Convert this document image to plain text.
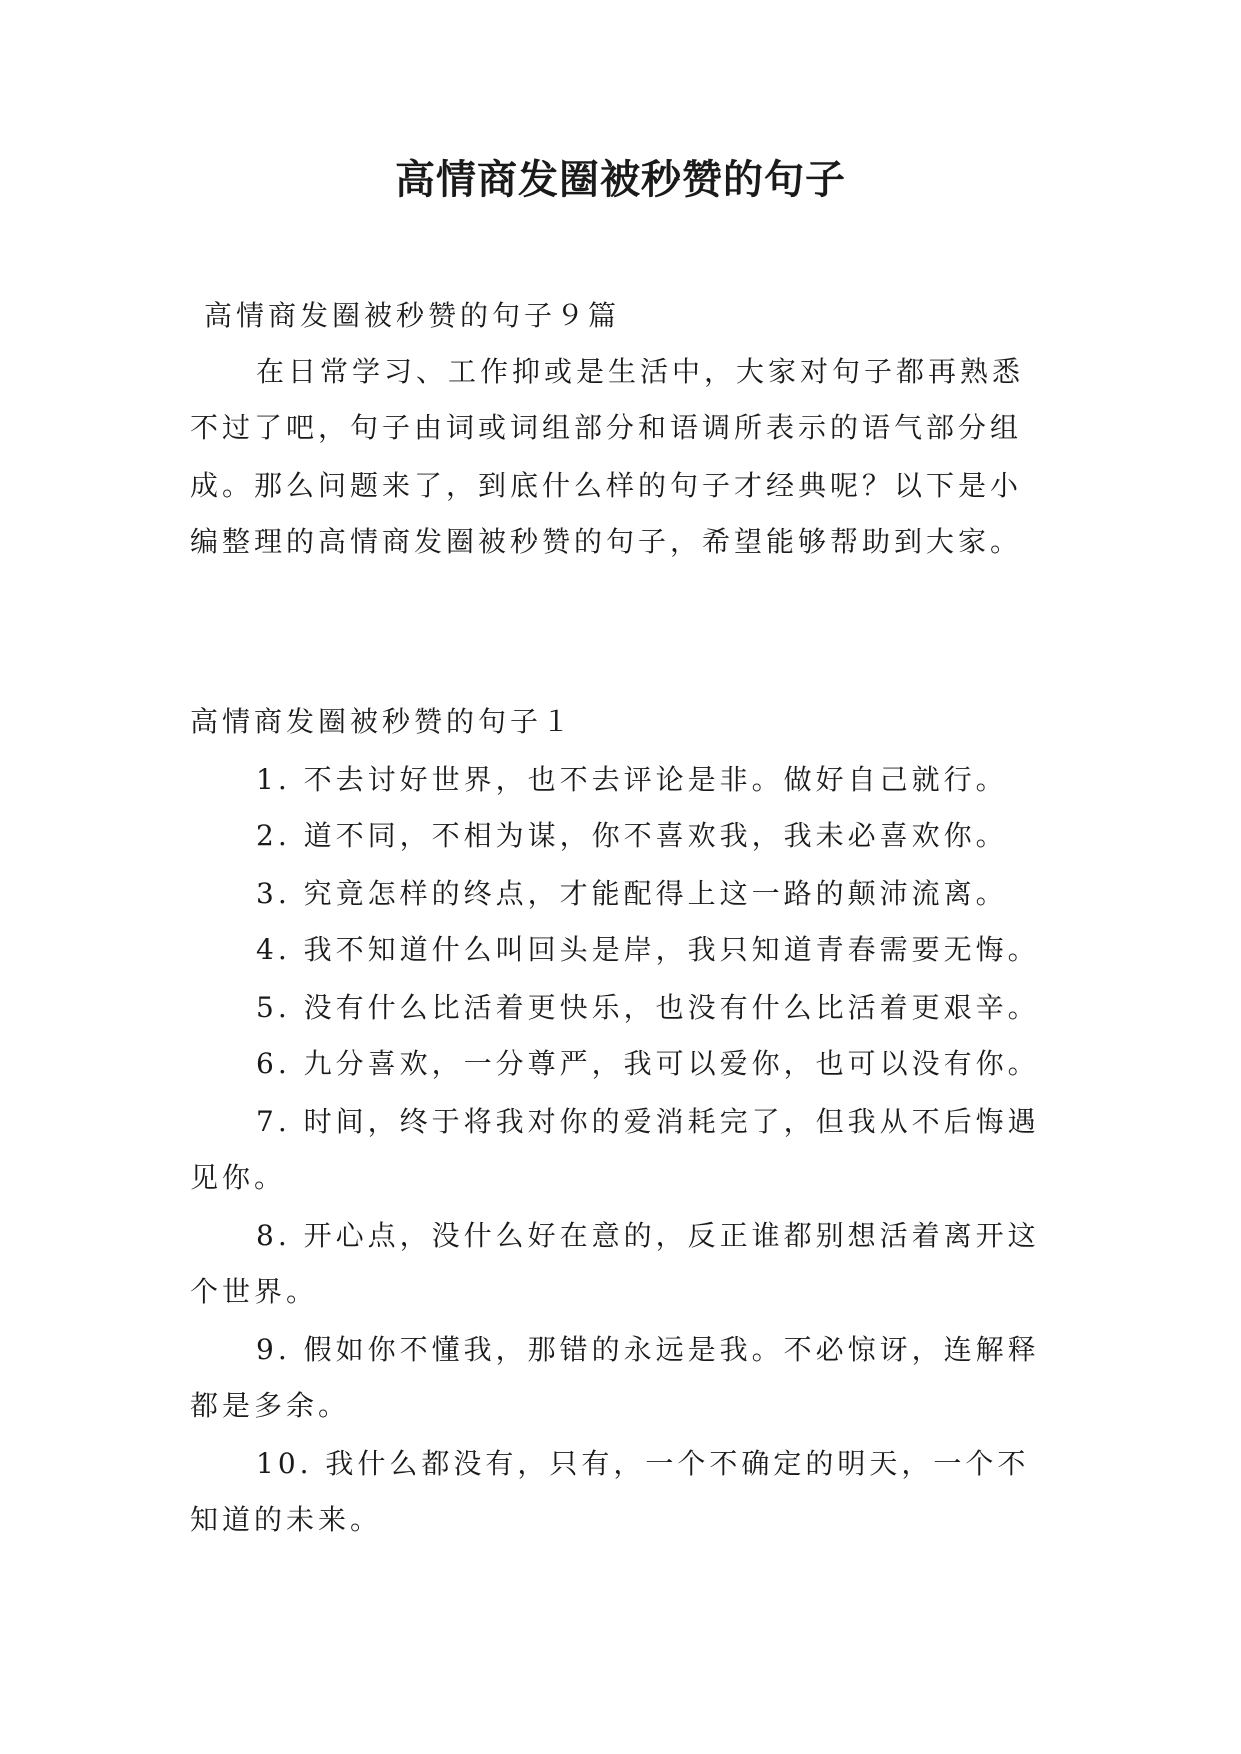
高情商发圈被秒赞的句子
高情商发圈被秒赞的句子９篇
在日常学习、工作抑或是生活中，大家对句子都再熟悉
不过了吧，句子由词或词组部分和语调所表示的语气部分组
成。那么问题来了，到底什么样的句子才经典呢？以下是小
编整理的高情商发圈被秒赞的句子，希望能够帮助到大家。
高情商发圈被秒赞的句子１
1. 不去讨好世界，也不去评论是非。做好自己就行。
2. 道不同，不相为谋，你不喜欢我，我未必喜欢你。
3. 究竟怎样的终点，才能配得上这一路的颠沛流离。
4. 我不知道什么叫回头是岸，我只知道青春需要无悔。
5. 没有什么比活着更快乐，也没有什么比活着更艰辛。
6. 九分喜欢，一分尊严，我可以爱你，也可以没有你。
7. 时间，终于将我对你的爱消耗完了，但我从不后悔遇
见你。
8. 开心点，没什么好在意的，反正谁都别想活着离开这
个世界。
9. 假如你不懂我，那错的永远是我。不必惊讶，连解释
都是多余。
10. 我什么都没有，只有，一个不确定的明天，一个不
知道的未来。
